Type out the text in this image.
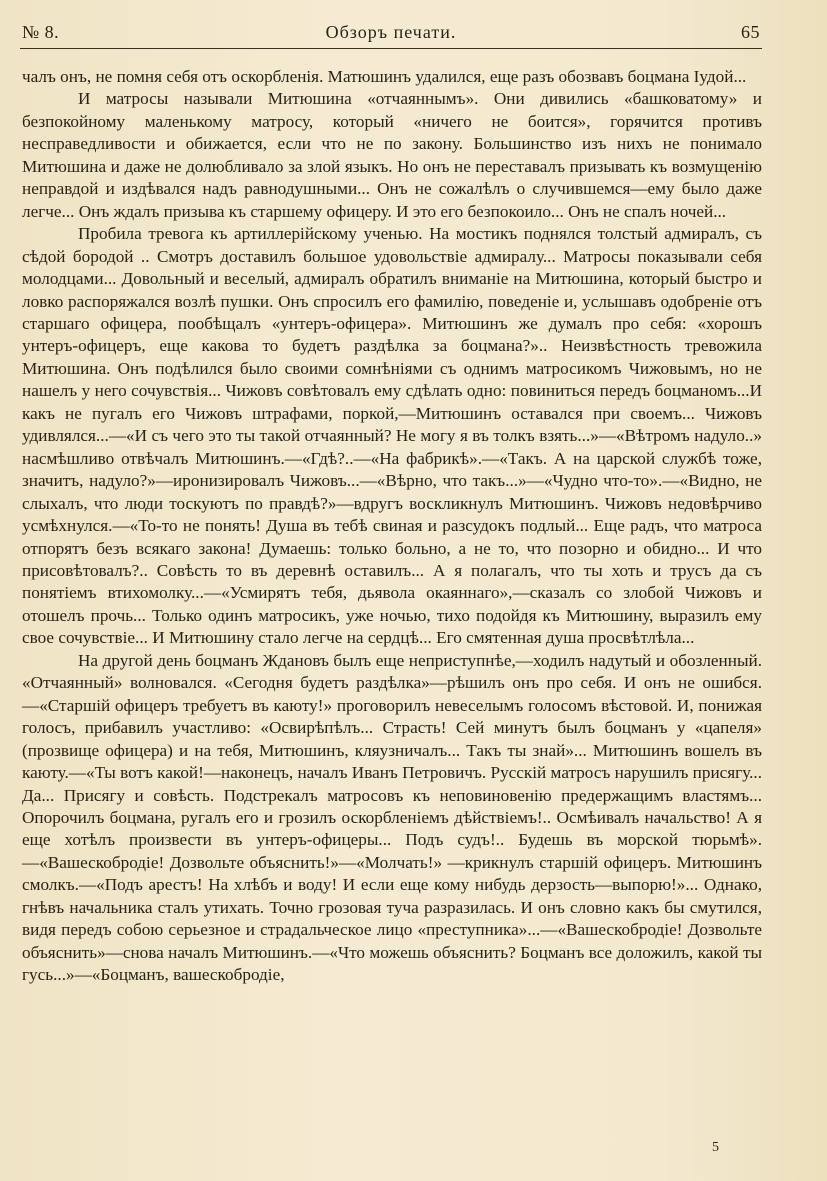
№ 8.	Обзоръ печати.	65

чалъ онъ, не помня себя отъ оскорбленія. Матюшинъ удалился, еще разъ обозвавъ боцмана Іудой...

И матросы называли Митюшина «отчаяннымъ». Они дивились «башковатому» и безпокойному маленькому матросу, который «ничего не боится», горячится противъ несправедливости и обижается, если что не по закону. Большинство изъ нихъ не понимало Митюшина и даже не долюбливало за злой языкъ. Но онъ не переставалъ призывать къ возмущенію неправдой и издѣвался надъ равнодушными... Онъ не сожалѣлъ о случившемся—ему было даже легче... Онъ ждалъ призыва къ старшему офицеру. И это его безпокоило... Онъ не спалъ ночей...

Пробила тревога къ артиллерійскому ученью. На мостикъ поднялся толстый адмиралъ, съ сѣдой бородой .. Смотръ доставилъ большое удовольствіе адмиралу... Матросы показывали себя молодцами... Довольный и веселый, адмиралъ обратилъ вниманіе на Митюшина, который быстро и ловко распоряжался возлѣ пушки. Онъ спросилъ его фамилію, поведеніе и, услышавъ одобреніе отъ старшаго офицера, пообѣщалъ «унтеръ-офицера». Митюшинъ же думалъ про себя: «хорошъ унтеръ-офицеръ, еще какова то будетъ раздѣлка за боцмана?».. Неизвѣстность тревожила Митюшина. Онъ подѣлился было своими сомнѣніями съ однимъ матросикомъ Чижовымъ, но не нашелъ у него сочувствія... Чижовъ совѣтовалъ ему сдѣлать одно: повиниться передъ боцманомъ...И какъ не пугалъ его Чижовъ штрафами, поркой,—Митюшинъ оставался при своемъ... Чижовъ удивлялся...—«И съ чего это ты такой отчаянный? Не могу я въ толкъ взять...»—«Вѣтромъ надуло..» насмѣшливо отвѣчалъ Митюшинъ.—«Гдѣ?..—«На фабрикѣ».—«Такъ. А на царской службѣ тоже, значитъ, надуло?»—иронизировалъ Чижовъ...—«Вѣрно, что такъ...»—«Чудно что-то».—«Видно, не слыхалъ, что люди тоскуютъ по правдѣ?»—вдругъ воскликнулъ Митюшинъ. Чижовъ недовѣрчиво усмѣхнулся.—«То-то не понять! Душа въ тебѣ свиная и разсудокъ подлый... Еще радъ, что матроса отпорятъ безъ всякаго закона! Думаешь: только больно, а не то, что позорно и обидно... И что присовѣтовалъ?.. Совѣсть то въ деревнѣ оставилъ... А я полагалъ, что ты хоть и трусъ да съ понятіемъ втихомолку...—«Усмирятъ тебя, дьявола окаяннаго»,—сказалъ со злобой Чижовъ и отошелъ прочь... Только одинъ матросикъ, уже ночью, тихо подойдя къ Митюшину, выразилъ ему свое сочувствіе... И Митюшину стало легче на сердцѣ... Его смятенная душа просвѣтлѣла...

На другой день боцманъ Ждановъ былъ еще неприступнѣе,—ходилъ надутый и обозленный. «Отчаянный» волновался. «Сегодня будетъ раздѣлка»—рѣшилъ онъ про себя. И онъ не ошибся.—«Старшій офицеръ требуетъ въ каюту!» проговорилъ невеселымъ голосомъ вѣстовой. И, понижая голосъ, прибавилъ участливо: «Освирѣпѣлъ... Страсть! Сей минутъ былъ боцманъ у «цапеля» (прозвище офицера) и на тебя, Митюшинъ, кляузничалъ... Такъ ты знай»... Митюшинъ вошелъ въ каюту.—«Ты вотъ какой!—наконецъ, началъ Иванъ Петровичъ. Русскій матросъ нарушилъ присягу... Да... Присягу и совѣсть. Подстрекалъ матросовъ къ неповиновенію предержащимъ властямъ... Опорочилъ боцмана, ругалъ его и грозилъ оскорбленіемъ дѣйствіемъ!.. Осмѣивалъ начальство! А я еще хотѣлъ произвести въ унтеръ-офицеры... Подъ судъ!.. Будешь въ морской тюрьмѣ».—«Вашескобродіе! Дозвольте объяснить!»—«Молчать!» —крикнулъ старшій офицеръ. Митюшинъ смолкъ.—«Подъ арестъ! На хлѣбъ и воду! И если еще кому нибудь дерзость—выпорю!»... Однако, гнѣвъ начальника сталъ утихать. Точно грозовая туча разразилась. И онъ словно какъ бы смутился, видя передъ собою серьезное и страдальческое лицо «преступника»...—«Вашескобродіе! Дозвольте объяснить»—снова началъ Митюшинъ.—«Что можешь объяснить? Боцманъ все доложилъ, какой ты гусь...»—«Боцманъ, вашескобродіе,

5
